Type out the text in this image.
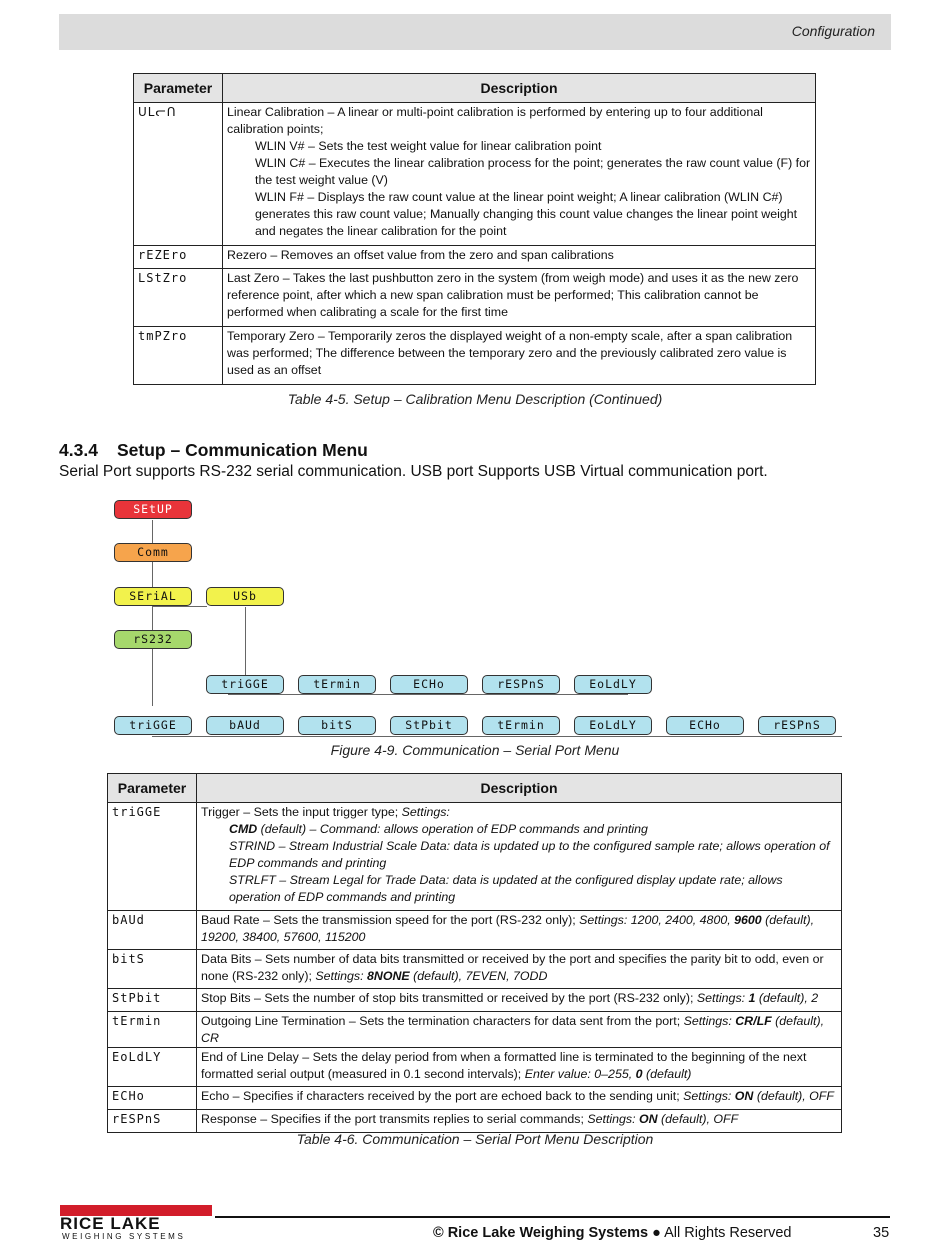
Configuration
Parameter	Description
ᑌᒪᓕᑎ	Linear Calibration – A linear or multi-point calibration is performed by entering up to four additional calibration points;
WLIN V# – Sets the test weight value for linear calibration point
WLIN C# – Executes the linear calibration process for the point; generates the raw count value (F) for the test weight value (V)
WLIN F# – Displays the raw count value at the linear point weight; A linear calibration (WLIN C#) generates this raw count value; Manually changing this count value changes the linear point weight and negates the linear calibration for the point

rEZEro	Rezero – Removes an offset value from the zero and span calibrations
LStZro	Last Zero – Takes the last pushbutton zero in the system (from weigh mode) and uses it as the new zero reference point, after which a new span calibration must be performed; This calibration cannot be performed when calibrating a scale for the first time
tmPZro	Temporary Zero – Temporarily zeros the displayed weight of a non-empty scale, after a span calibration was performed; The difference between the temporary zero and the previously calibrated zero value is used as an offset
Table 4-5. Setup – Calibration Menu Description (Continued)
4.3.4 Setup – Communication Menu
Serial Port supports RS-232 serial communication. USB port Supports USB Virtual communication port.
SEtUP
Comm
SEriAL	USb
rS232
triGGE	tErmin	ECHo	rESPnS	EoLdLY
triGGE	bAUd	bitS	StPbit	tErmin	EoLdLY	ECHo	rESPnS
Figure 4-9. Communication – Serial Port Menu
Parameter	Description
triGGE	Trigger – Sets the input trigger type; Settings:
CMD (default) – Command: allows operation of EDP commands and printing
STRIND – Stream Industrial Scale Data: data is updated up to the configured sample rate; allows operation of EDP commands and printing
STRLFT – Stream Legal for Trade Data: data is updated at the configured display update rate; allows operation of EDP commands and printing

bAUd	Baud Rate – Sets the transmission speed for the port (RS-232 only); Settings: 1200, 2400, 4800, 9600 (default), 19200, 38400, 57600, 115200
bitS	Data Bits – Sets number of data bits transmitted or received by the port and specifies the parity bit to odd, even or none (RS-232 only); Settings: 8NONE (default), 7EVEN, 7ODD
StPbit	Stop Bits – Sets the number of stop bits transmitted or received by the port (RS-232 only); Settings: 1 (default), 2
tErmin	Outgoing Line Termination – Sets the termination characters for data sent from the port; Settings: CR/LF (default), CR
EoLdLY	End of Line Delay – Sets the delay period from when a formatted line is terminated to the beginning of the next formatted serial output (measured in 0.1 second intervals); Enter value: 0–255, 0 (default)
ECHo	Echo – Specifies if characters received by the port are echoed back to the sending unit; Settings: ON (default), OFF
rESPnS	Response – Specifies if the port transmits replies to serial commands; Settings: ON (default), OFF
Table 4-6. Communication – Serial Port Menu Description
RICE LAKE
WEIGHING SYSTEMS	© Rice Lake Weighing Systems ● All Rights Reserved	35
